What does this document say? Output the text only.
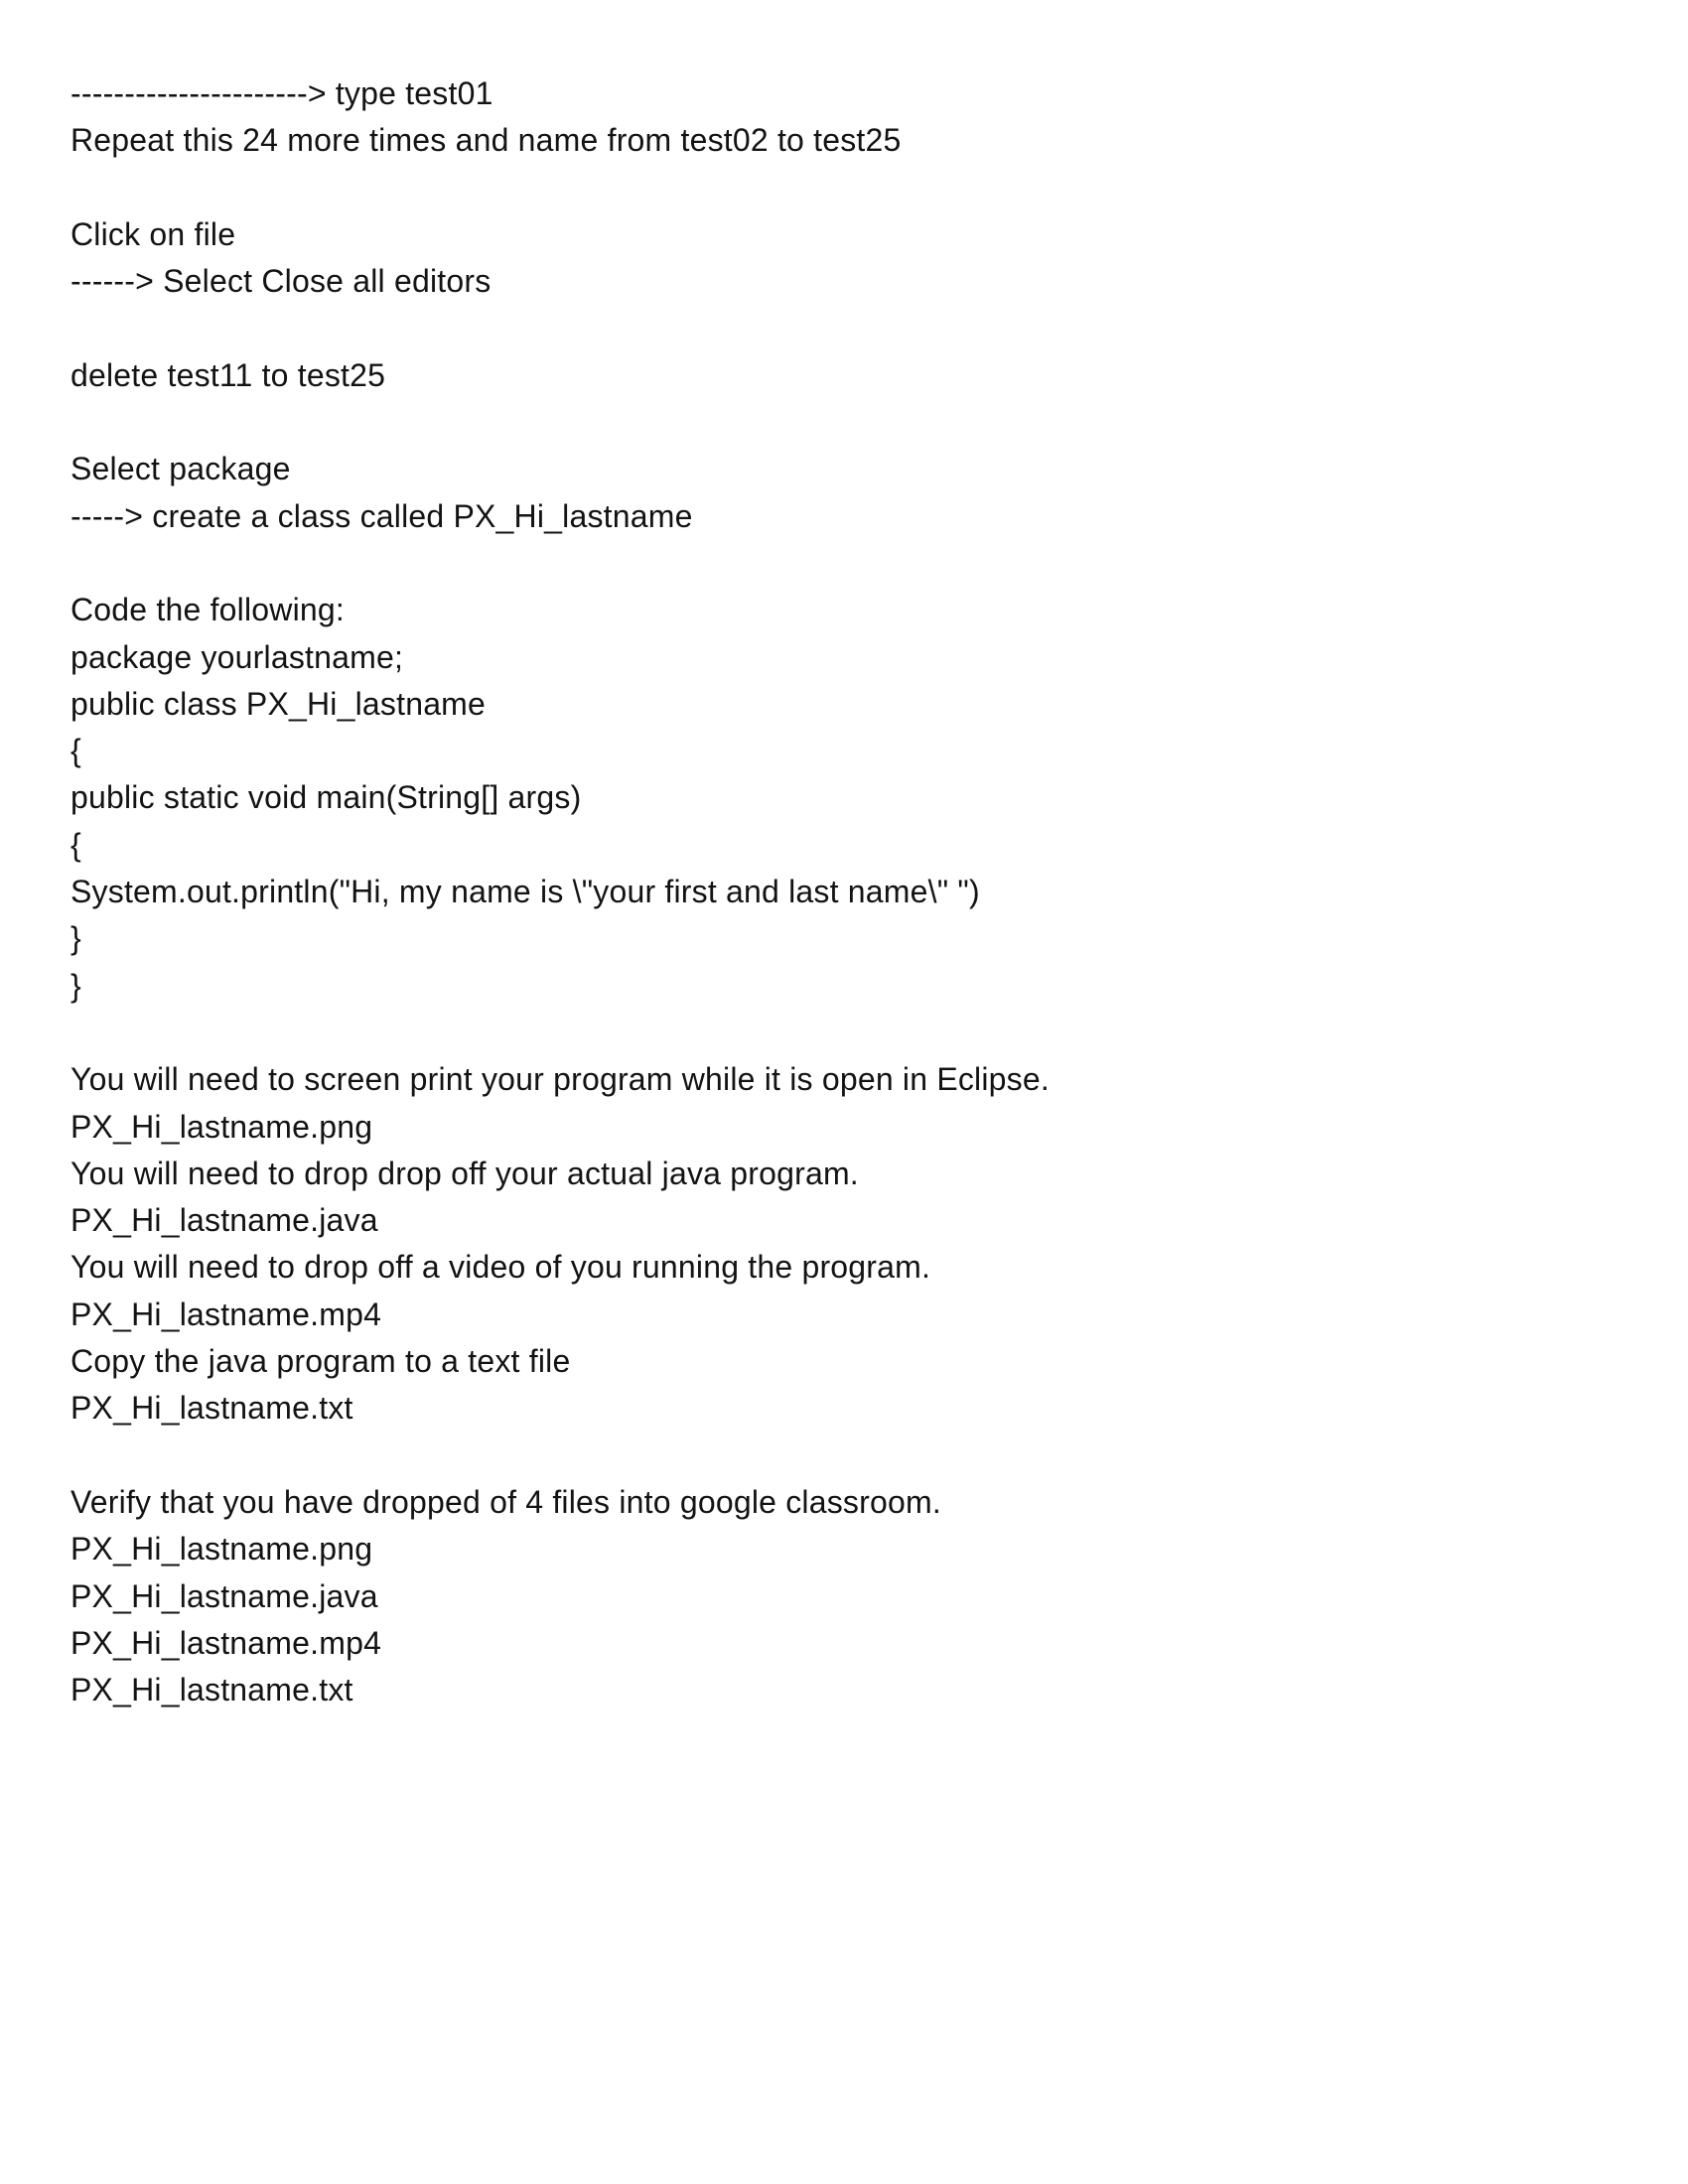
----------------------> type test01
Repeat this 24 more times and name from test02 to test25

Click on file
------> Select Close all editors

delete test11 to test25

Select package
-----> create a class called PX_Hi_lastname

Code the following:
package yourlastname;
public class PX_Hi_lastname
{
public static void main(String[] args)
{
System.out.println("Hi, my name is \"your first and last name\" ")
}
}

You will need to screen print your program while it is open in Eclipse.
PX_Hi_lastname.png
You will need to drop drop off your actual java program.
PX_Hi_lastname.java
You will need to drop off a video of you running the program.
PX_Hi_lastname.mp4
Copy the java program to a text file
PX_Hi_lastname.txt

Verify that you have dropped of 4 files into google classroom.
PX_Hi_lastname.png
PX_Hi_lastname.java
PX_Hi_lastname.mp4
PX_Hi_lastname.txt
